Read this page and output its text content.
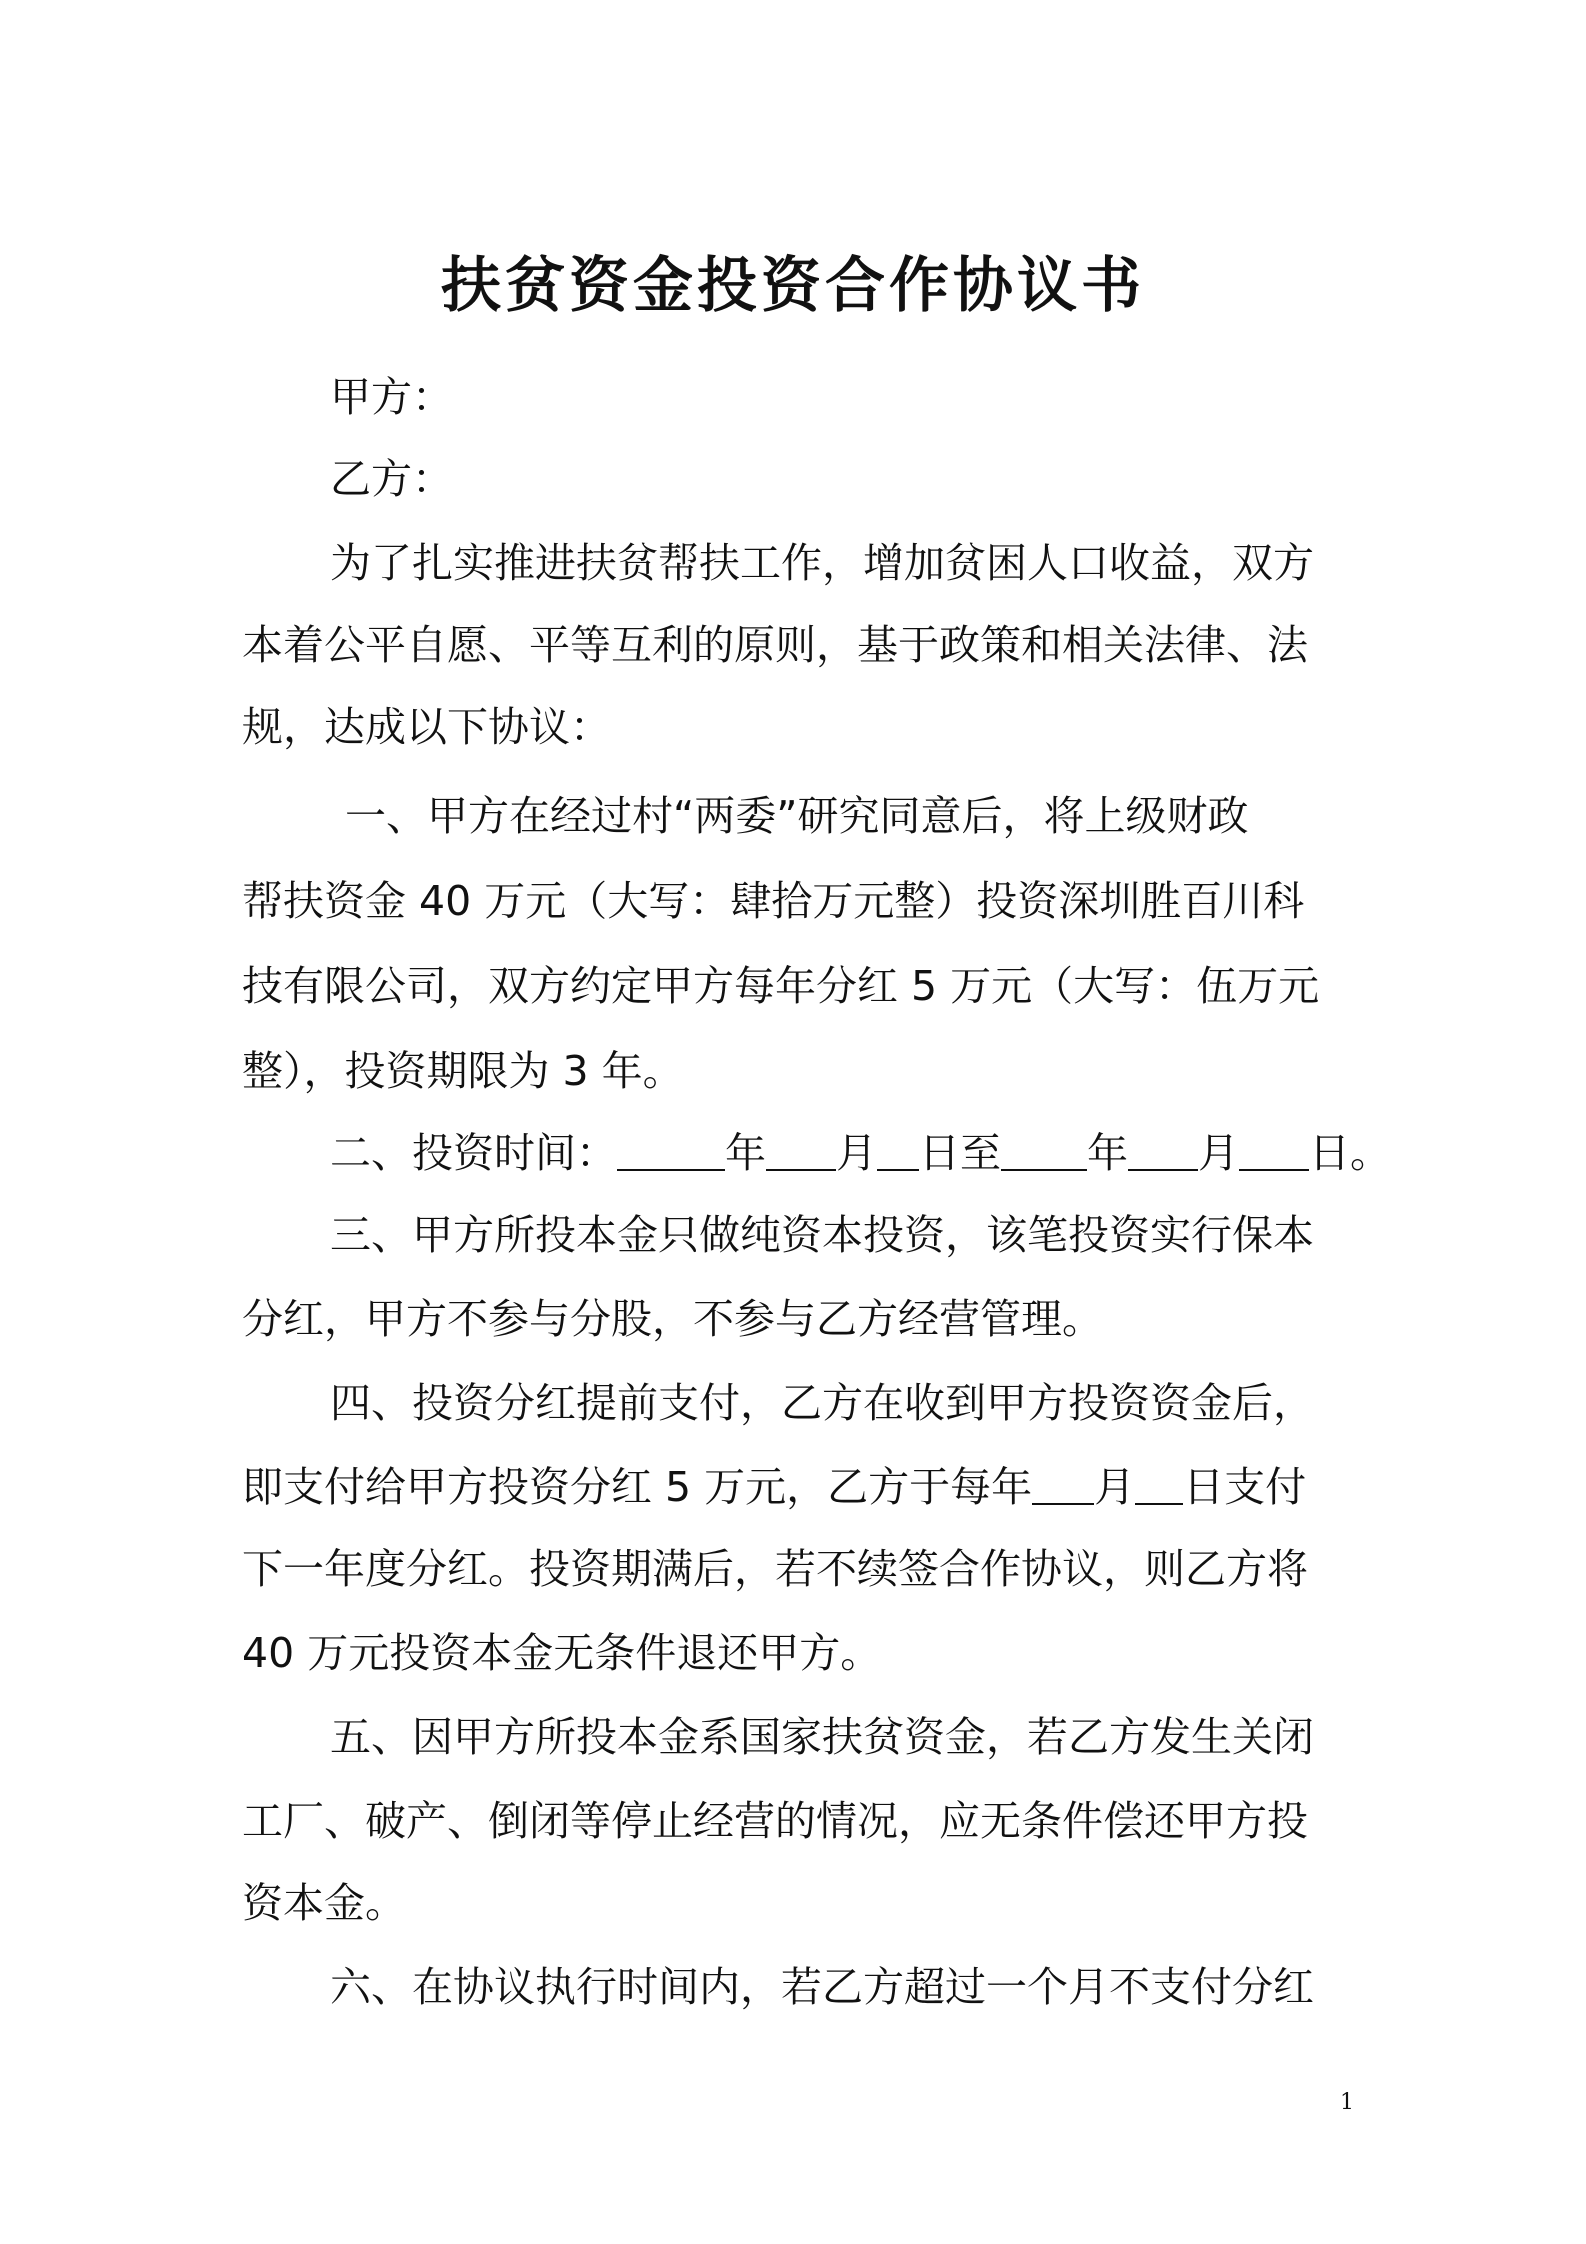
扶贫资金投资合作协议书
甲方：
乙方：
为了扎实推进扶贫帮扶工作，增加贫困人口收益，双方
本着公平自愿、平等互利的原则，基于政策和相关法律、法
规，达成以下协议：
一、甲方在经过村“两委”研究同意后，将上级财政
帮扶资金 40 万元（大写：肆拾万元整）投资深圳胜百川科
技有限公司，双方约定甲方每年分红 5 万元（大写：伍万元
整），投资期限为 3 年。
二、投资时间：	年 月 日至 年 月 日。
三、甲方所投本金只做纯资本投资，该笔投资实行保本
分红，甲方不参与分股，不参与乙方经营管理。
四、投资分红提前支付，乙方在收到甲方投资资金后，
即支付给甲方投资分红 5 万元，乙方于每年 月 日支付
下一年度分红。投资期满后，若不续签合作协议，则乙方将
40 万元投资本金无条件退还甲方。
五、因甲方所投本金系国家扶贫资金，若乙方发生关闭
工厂、破产、倒闭等停止经营的情况，应无条件偿还甲方投
资本金。
六、在协议执行时间内，若乙方超过一个月不支付分红
1
